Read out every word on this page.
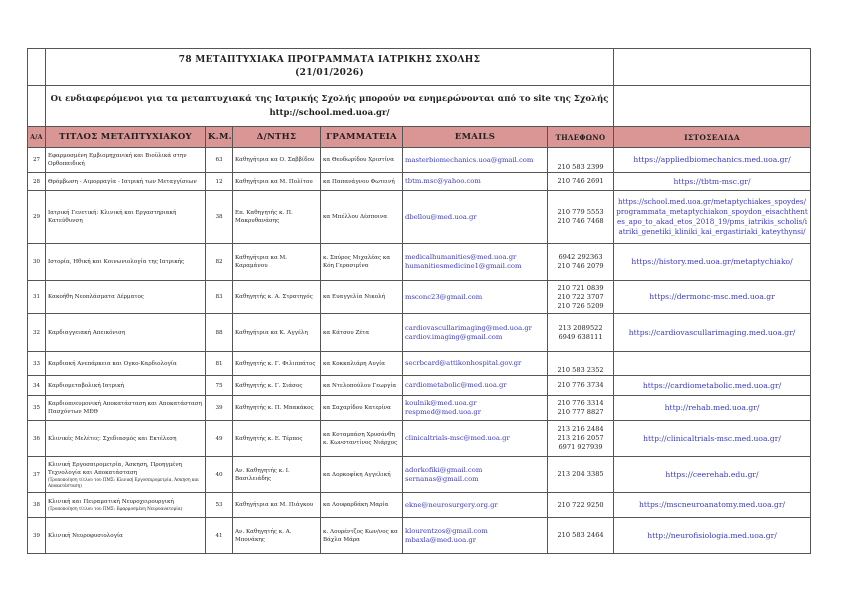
	78 ΜΕΤΑΠΤΥΧΙΑΚΑ ΠΡΟΓΡΑΜΜΑΤΑ ΙΑΤΡΙΚΗΣ ΣΧΟΛΗΣ
(21/01/2026)						

	Οι ενδιαφερόμενοι για τα μεταπτυχιακά της Ιατρικής Σχολής μπορούν να ενημερώνονται από το site της Σχολής
http://school.med.uoa.gr/						

Α/Α	ΤΙΤΛΟΣ ΜΕΤΑΠΤΥΧΙΑΚΟΥ	Κ.Μ.	Δ/ΝΤΗΣ	ΓΡΑΜΜΑΤΕΙΑ	EMAILS	ΤΗΛΕΦΩΝΟ	ΙΣΤΟΣΕΛΙΔΑ
27	Εφαρμοσμένη Εμβιομηχανική και Βιοϋλικά στην Ορθοπαιδική	63	Καθηγήτρια κα Ο. Σαββίδου	κα Θεοδωρίδου Χριστίνα	masterbiomechanics.uoa@gmail.com	210 583 2399	https://appliedbiomechanics.med.uoa.gr/

28	Θρόμβωση - Αιμορραγία - Ιατρική των Μεταγγίσεων	12	Καθηγήτρια κα Μ. Πολίτου	κα Παπανάγνου Φωτεινή	tbtm.msc@yahoo.com	210 746 2691	https://tbtm-msc.gr/

29	Ιατρική Γενετική: Κλινική και Εργαστηριακή Κατεύθυνση	38	Επ. Καθηγητής κ. Π. Μακρυθανάσης	κα Μπέλλου Δέσποινα	dbellou@med.uoa.gr	210 779 5553
210 746 7468	https://school.med.uoa.gr/metaptychiakes_spoydes/programmata_metaptychiakon_spoydon_eisachthentes_apo_to_akad_etos_2018_19/pms_iatrikis_scholis/iatriki_genetiki_kliniki_kai_ergastiriaki_kateythynsi/

30	Ιστορία, Ηθική και Κοινωνιολογία της Ιατρικής	82	Καθηγήτρια κα Μ. Καραμάνου	κ. Σπύρος Μιχαλέας κα Κόη Γερασιμίνα	medicalhumanities@med.uoa.gr
humanitiesmedicine1@gmail.com	6942 292363
210 746 2079	https://history.med.uoa.gr/metaptychiako/

31	Κακοήθη Νεοπλάσματα Δέρματος	83	Καθηγητής κ. Α. Στρατηγός	κα Ευαγγελία Νικολή	msconc23@gmail.com	210 721 0839
210 722 3707
210 726 5209	https://dermonc-msc.med.uoa.gr

32	Καρδιαγγειακή Απεικόνιση	88	Καθηγήτρια κα Κ. Αγγέλη	κα Κάτσου Ζέτα	cardiovascullarimaging@med.uoa.gr
cardiov.imaging@gmail.com	213 2089522
6949 638111	https://cardiovascullarimaging.med.uoa.gr/

33	Καρδιακή Ανεπάρκεια και Ογκο-Καρδιολογία	81	Καθηγητής κ. Γ. Φιλιππάτος	κα Κοκκαλιάρη Αυγία	secrbcard@attikonhospital.gov.gr	210 583 2352	

34	Καρδιομεταβολική Ιατρική	75	Καθηγητής κ. Γ. Σιάσος	κα Ντελοπούλου Γεωργία	cardiometabolic@med.uoa.gr	210 776 3734	https://cardiometabolic.med.uoa.gr/

35	Καρδιοπνευμονική Αποκατάσταση και Αποκατάσταση Πασχόντων ΜΕΘ	39	Καθηγητής κ. Π. Μπακάκος	κα Σαχαρίδου Κατερίνα	koulnik@med.uoa.gr
respmed@med.uoa.gr	210 776 3314
210 777 8827	http://rehab.med.uoa.gr/

36	Κλινικές Μελέτες: Σχεδιασμός και Εκτέλεση	49	Καθηγητής κ. Ε. Τέρπος	κα Κοταμπάση Χρυσάνθη κ. Κωνσταντίνος Νιάρχος	clinicaltrials-msc@med.uoa.gr	213 216 2484
213 216 2057
6971 927939	http://clinicaltrials-msc.med.uoa.gr/

37	Κλινική Εργοσπιρομετρία, Άσκηση, Προηγμένη Τεχνολογία και Αποκατάσταση
(Τροποποίηση τίτλου του ΠΜΣ: Κλινική Εργοσπιρομετρία, Άσκηση και Αποκατάσταση)	40	Αν. Καθηγητής κ. Ι. Βασιλειάδης	κα Δορκοφίκη Αγγελική	adorkofiki@gmail.com
sernanas@gmail.com	213 204 3385	https://ceerehab.edu.gr/

38	Κλινική και Πειραματική Νευροχειρουργική
(Τροποποίηση τίτλου του ΠΜΣ: Εφαρμοσμένη Νευροανατομία)	53	Καθηγήτρια κα Μ. Πιάγκου	κα Λουφαρδάκη Μαρία	ekne@neurosurgery.org.gr	210 722 9250	https://mscneuroanatomy.med.uoa.gr/

39	Κλινική Νευροφυσιολογία	41	Αν. Καθηγητής κ. Α. Μπονάκης	κ. Λουρέντζος Κων/νος κα Βάχλα Μάρα	klourentzos@gmail.com
mbaxla@med.uoa.gr	210 583 2464	http://neurofisiologia.med.uoa.gr/
